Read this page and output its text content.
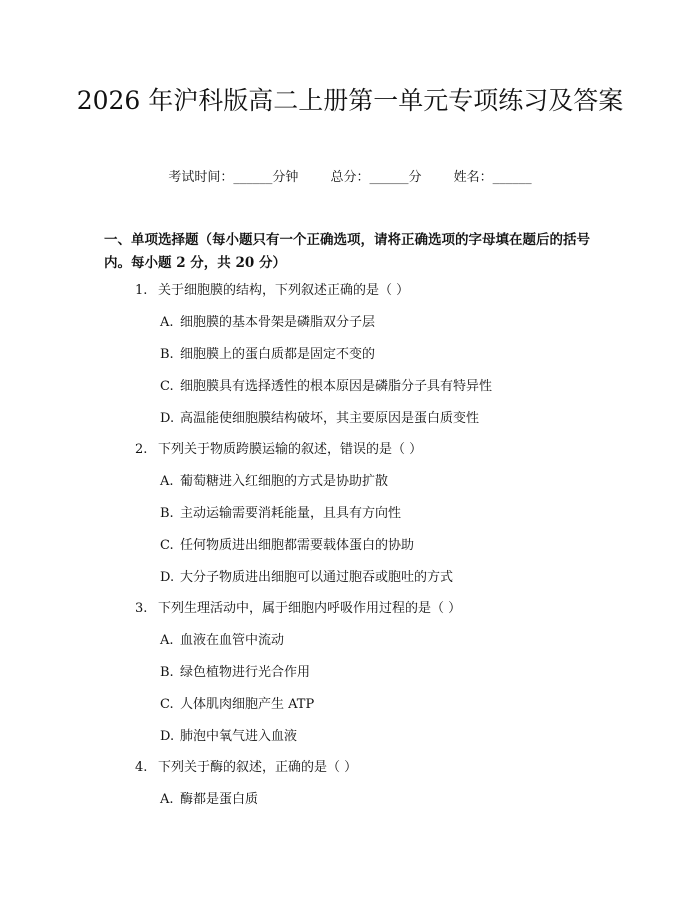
2026 年沪科版高二上册第一单元专项练习及答案
考试时间：______分钟 总分：______分 姓名：______

一、单项选择题（每小题只有一个正确选项，请将正确选项的字母填在题后的括号内。每小题 2 分，共 20 分）

1. 关于细胞膜的结构，下列叙述正确的是（ ）
A. 细胞膜的基本骨架是磷脂双分子层
B. 细胞膜上的蛋白质都是固定不变的
C. 细胞膜具有选择透性的根本原因是磷脂分子具有特异性
D. 高温能使细胞膜结构破坏，其主要原因是蛋白质变性
2. 下列关于物质跨膜运输的叙述，错误的是（ ）
A. 葡萄糖进入红细胞的方式是协助扩散
B. 主动运输需要消耗能量，且具有方向性
C. 任何物质进出细胞都需要载体蛋白的协助
D. 大分子物质进出细胞可以通过胞吞或胞吐的方式
3. 下列生理活动中，属于细胞内呼吸作用过程的是（ ）
A. 血液在血管中流动
B. 绿色植物进行光合作用
C. 人体肌肉细胞产生 ATP
D. 肺泡中氧气进入血液
4. 下列关于酶的叙述，正确的是（ ）
A. 酶都是蛋白质
